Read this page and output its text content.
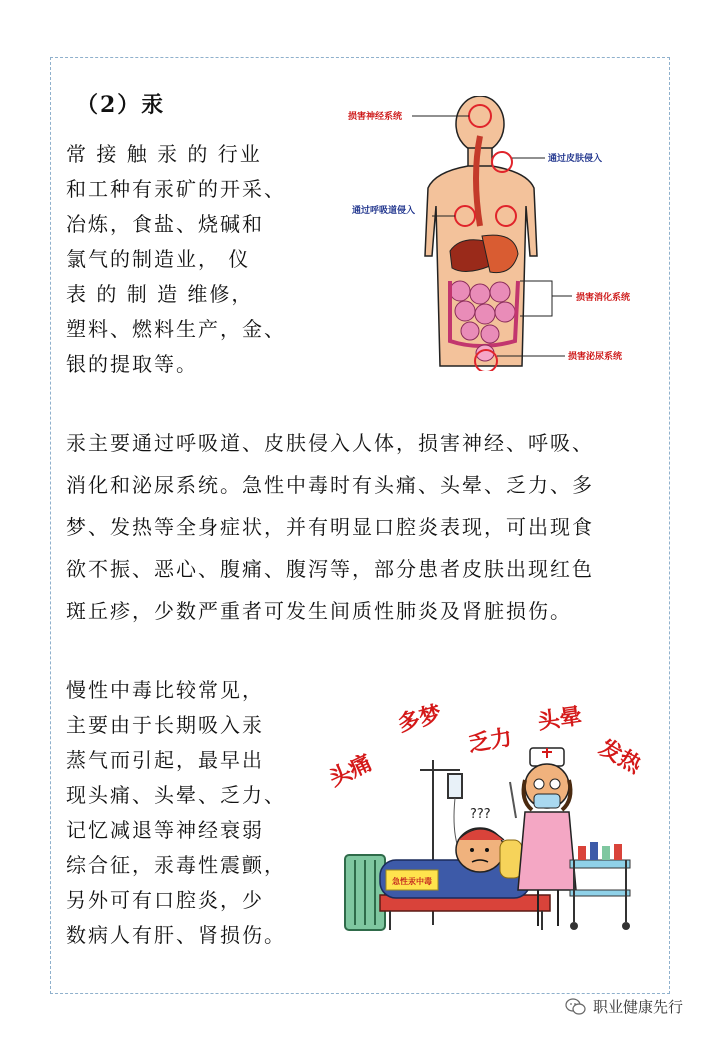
（2）汞
常 接 触 汞 的 行业
和工种有汞矿的开采、
冶炼，食盐、烧碱和
氯气的制造业， 仪
表 的 制 造 维修，
塑料、燃料生产，金、
银的提取等。
损害神经系统
通过皮肤侵入
通过呼吸道侵入
损害消化系统
损害泌尿系统
汞主要通过呼吸道、皮肤侵入人体，损害神经、呼吸、
消化和泌尿系统。急性中毒时有头痛、头晕、乏力、多
梦、发热等全身症状，并有明显口腔炎表现，可出现食
欲不振、恶心、腹痛、腹泻等，部分患者皮肤出现红色
斑丘疹，少数严重者可发生间质性肺炎及肾脏损伤。
慢性中毒比较常见，
主要由于长期吸入汞
蒸气而引起，最早出
现头痛、头晕、乏力、
记忆减退等神经衰弱
综合征，汞毒性震颤，
另外可有口腔炎，少
数病人有肝、肾损伤。
头痛
多梦
乏力
头晕
发热
急性汞中毒
???
职业健康先行
